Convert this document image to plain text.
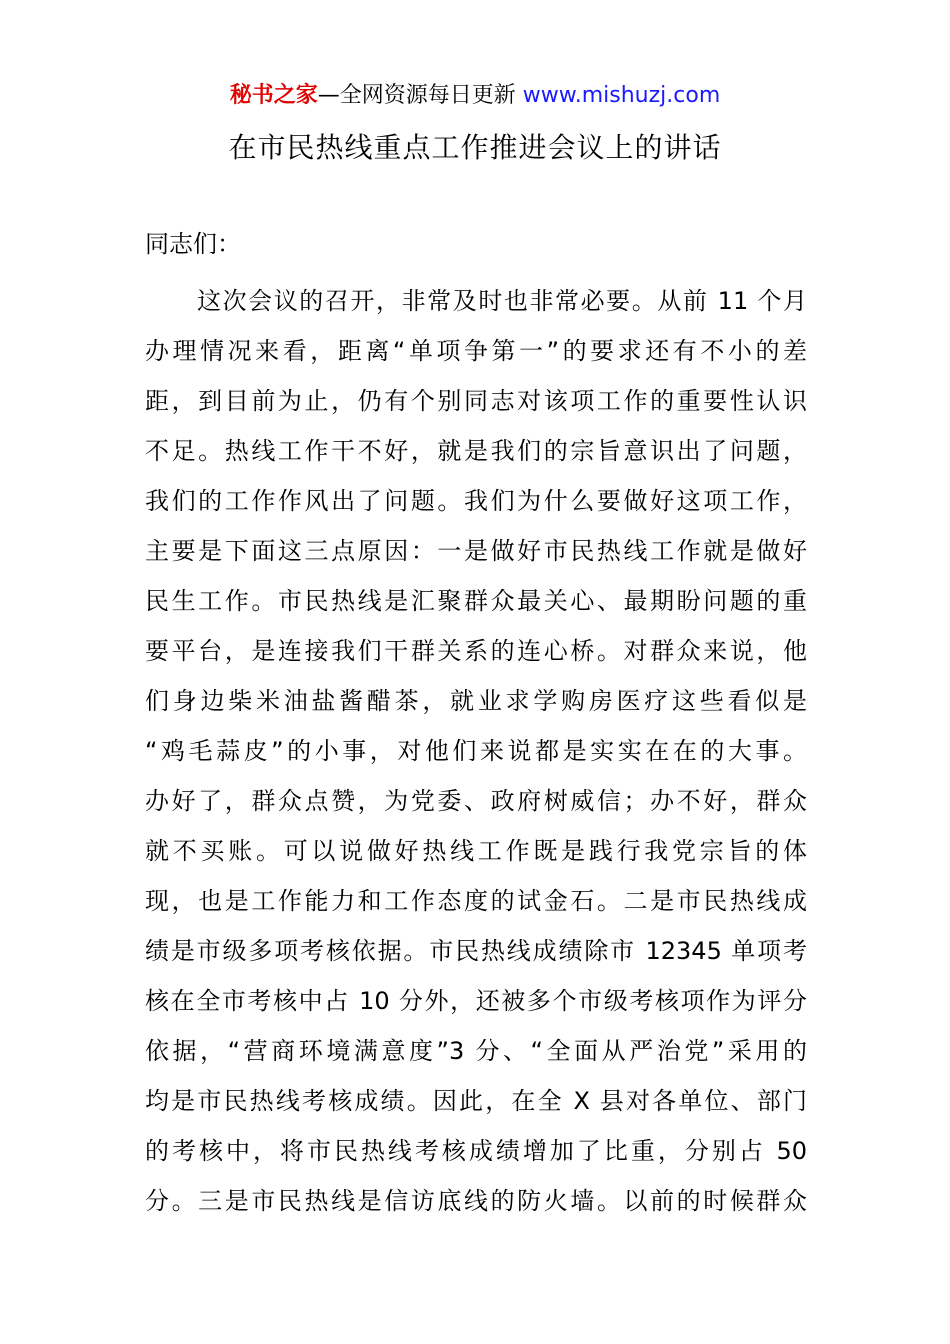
秘书之家—全网资源每日更新 www.mishuzj.com
在市民热线重点工作推进会议上的讲话
同志们：
这次会议的召开，非常及时也非常必要。从前 11 个月
办理情况来看，距离“单项争第一”的要求还有不小的差
距，到目前为止，仍有个别同志对该项工作的重要性认识
不足。热线工作干不好，就是我们的宗旨意识出了问题，
我们的工作作风出了问题。我们为什么要做好这项工作，
主要是下面这三点原因：一是做好市民热线工作就是做好
民生工作。市民热线是汇聚群众最关心、最期盼问题的重
要平台，是连接我们干群关系的连心桥。对群众来说，他
们身边柴米油盐酱醋茶，就业求学购房医疗这些看似是
“鸡毛蒜皮”的小事，对他们来说都是实实在在的大事。
办好了，群众点赞，为党委、政府树威信；办不好，群众
就不买账。可以说做好热线工作既是践行我党宗旨的体
现，也是工作能力和工作态度的试金石。二是市民热线成
绩是市级多项考核依据。市民热线成绩除市 12345 单项考
核在全市考核中占 10 分外，还被多个市级考核项作为评分
依据，“营商环境满意度”3 分、“全面从严治党”采用的
均是市民热线考核成绩。因此，在全 X 县对各单位、部门
的考核中，将市民热线考核成绩增加了比重，分别占 50
分。三是市民热线是信访底线的防火墙。以前的时候群众
